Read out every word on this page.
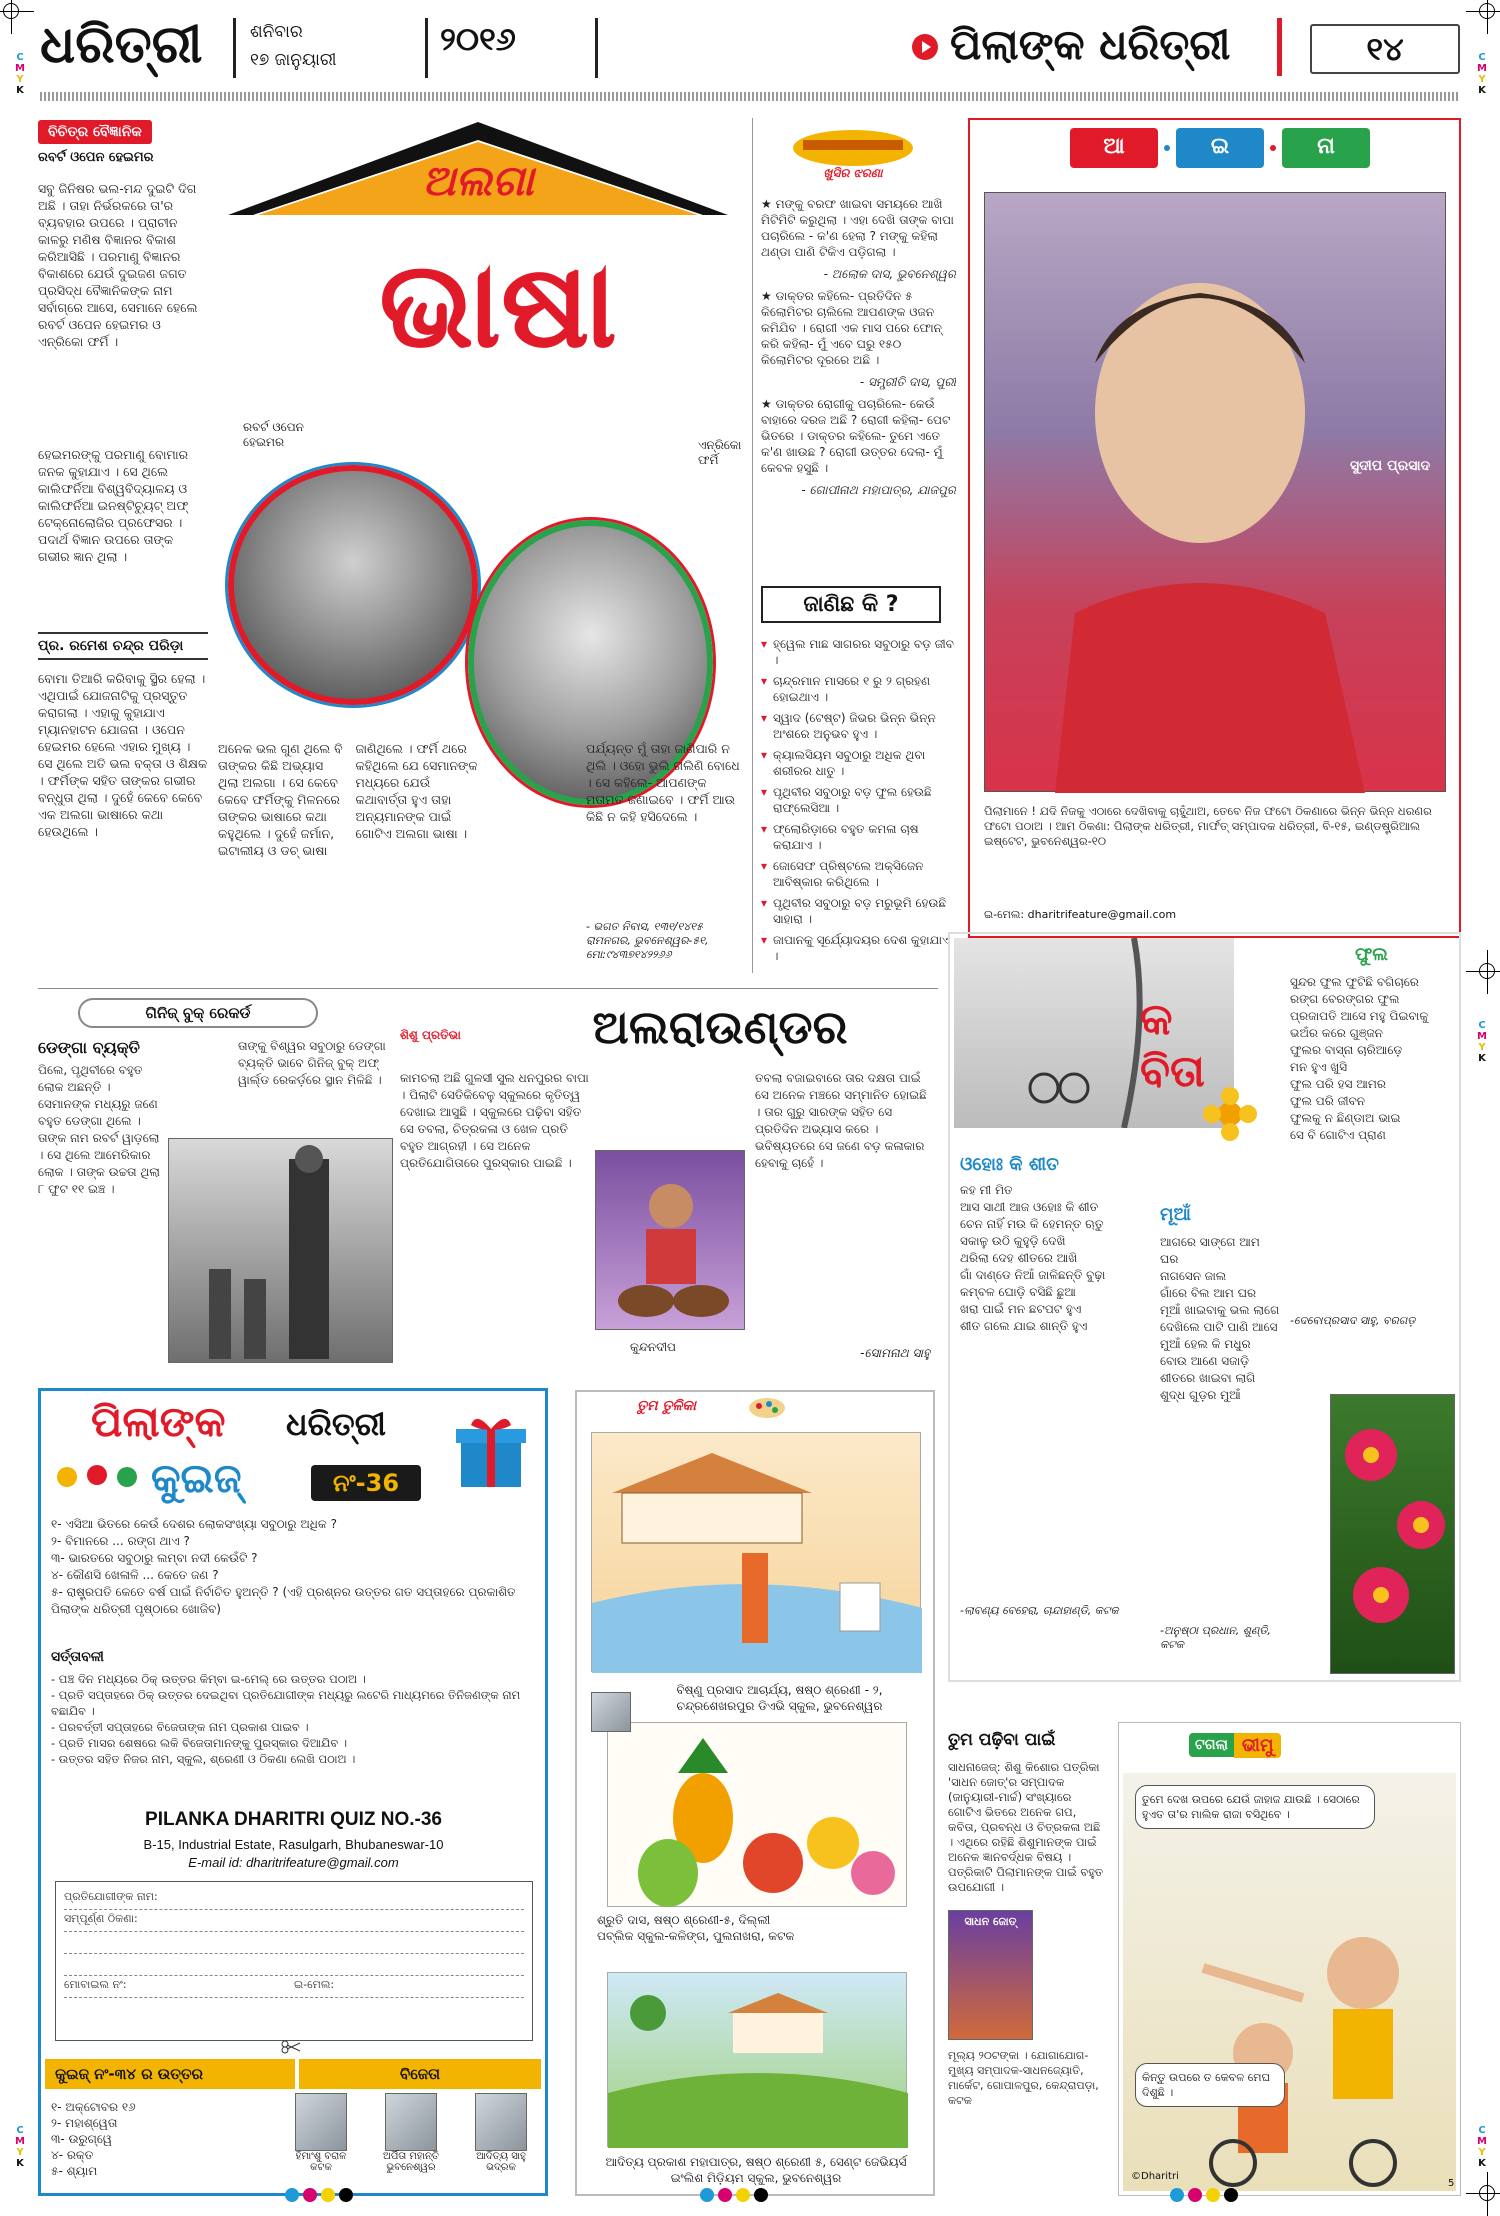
ଧରିତ୍ରୀ	ଶନିବାର
୧୭ ଜାନୁୟାରୀ
୨୦୧୬	ପିଲାଙ୍କ ଧରିତ୍ରୀ	୧୪
C
M
Y
K
C
M
Y
K
C
M
Y
K
C
M
Y
K
C
M
Y
K
ବିଚିତ୍ର ବୈଜ୍ଞାନିକ
ରବର୍ଟ ଓପେନ ହେଇମର
ସବୁ ଜିନିଷର ଭଲ-ମନ୍ଦ ଦୁଇଟି ଦିଗ ଅଛି । ତାହା ନିର୍ଭରକରେ ତା'ର ବ୍ୟବହାର ଉପରେ । ପ୍ରାଚୀନ କାଳରୁ ମଣିଷ ବିଜ୍ଞାନର ବିକାଶ କରିଆସିଛି । ପରମାଣୁ ବିଜ୍ଞାନର ବିକାଶରେ ଯେଉଁ ଦୁଇଜଣ ଜଗତ ପ୍ରସିଦ୍ଧ ବୈଜ୍ଞାନିକଙ୍କ ନାମ ସର୍ବାଗ୍ରେ ଆସେ, ସେମାନେ ହେଲେ ରବର୍ଟ ଓପେନ ହେଇମର ଓ ଏନ୍ରିକୋ ଫର୍ମି ।
ହେଇମରଙ୍କୁ ପରମାଣୁ ବୋମାର ଜନକ କୁହାଯାଏ । ସେ ଥିଲେ କାଲିଫର୍ନିଆ ବିଶ୍ୱବିଦ୍ୟାଳୟ ଓ କାଲିଫର୍ନିଆ ଇନଷ୍ଟିଚ୍ୟୁଟ୍ ଅଫ୍ ଟେକ୍ନୋଲୋଜିର ପ୍ରଫେସର । ପଦାର୍ଥ ବିଜ୍ଞାନ ଉପରେ ତାଙ୍କ ଗଭୀର ଜ୍ଞାନ ଥିଲା ।
ପ୍ର. ରମେଶ ଚନ୍ଦ୍ର ପରିଡ଼ା
ବୋମା ତିଆରି କରିବାକୁ ସ୍ଥିର ହେଲା । ଏଥିପାଇଁ ଯୋଜନାଟିକୁ ପ୍ରସ୍ତୁତ କରାଗଲା । ଏହାକୁ କୁହାଯାଏ ମ୍ୟାନହାଟନ ଯୋଜନା । ଓପେନ ହେଇମର ହେଲେ ଏହାର ମୁଖ୍ୟ । ସେ ଥିଲେ ଅତି ଭଲ ବକ୍ତା ଓ ଶିକ୍ଷକ । ଫର୍ମିଙ୍କ ସହିତ ତାଙ୍କର ଗଭୀର ବନ୍ଧୁତା ଥିଲା । ଦୁହେଁ କେବେ କେବେ ଏକ ଅଲଗା ଭାଷାରେ କଥା ହେଉଥିଲେ ।
ଅଲଗା
ଭାଷା
ରବର୍ଟ ଓପେନ ହେଇମର	ଏନ୍ରିକୋ ଫର୍ମି
ଅନେକ ଭଲ ଗୁଣ ଥିଲେ ବି ତାଙ୍କର କିଛି ଅଭ୍ୟାସ ଥିଲା ଅଲଗା । ସେ କେବେ କେବେ ଫର୍ମିଙ୍କୁ ମିଳନରେ ତାଙ୍କର ଭାଷାରେ କଥା କହୁଥିଲେ । ଦୁହେଁ ଜର୍ମାନ, ଇଟାଲୀୟ ଓ ଡଚ୍ ଭାଷା ଜାଣିଥିଲେ । ଫର୍ମି ଥରେ କହିଥିଲେ ଯେ ସେମାନଙ୍କ ମଧ୍ୟରେ ଯେଉଁ କଥାବାର୍ତ୍ତା ହୁଏ ତାହା ଅନ୍ୟମାନଙ୍କ ପାଇଁ ଗୋଟିଏ ଅଲଗା ଭାଷା ।
ପର୍ଯ୍ୟନ୍ତ ମୁଁ ତାହା ଜାଣିପାରି ନ ଥିଲି । ଓହୋ ଭୁଲି ଗଲିଣି ବୋଧେ । ସେ କହିଲେ- ଆପଣଙ୍କ ମତାମତ ଜଣାଇବେ । ଫର୍ମି ଆଉ କିଛି ନ କହି ହସିଦେଲେ ।
- ଭଗତ ନିବାସ, ୧୩୧/୧୪୧୫ ରାମନଗର, ଭୁବନେଶ୍ୱର-୫୧, ମୋ:୯୪୩୭୧୪୨୨୬୬
ଖୁସିର ଝରଣା

★ ମଙ୍କୁ ବରଫ ଖାଇବା ସମୟରେ ଆଖି ମିଟିମିଟି କରୁଥିଲା । ଏହା ଦେଖି ତାଙ୍କ ବାପା ପଚାରିଲେ - କ'ଣ ହେଲା ? ମଙ୍କୁ କହିଲା ଥଣ୍ଡା ପାଣି ଟିକିଏ ପଡ଼ିଗଲା ।

- ଅଲୋକ ଦାସ, ଭୁବନେଶ୍ୱର

★ ଡାକ୍ତର କହିଲେ- ପ୍ରତିଦିନ ୫ କିଲୋମିଟର ଚାଲିଲେ ଆପଣଙ୍କ ଓଜନ କମିଯିବ । ରୋଗୀ ଏକ ମାସ ପରେ ଫୋନ୍ କରି କହିଲା- ମୁଁ ଏବେ ଘରୁ ୧୫୦ କିଲୋମିଟର ଦୂରରେ ଅଛି ।

- ସମ୍ପ୍ରୀତି ଦାସ, ପୁରୀ

★ ଡାକ୍ତର ରୋଗୀକୁ ପଚାରିଲେ- କେଉଁ ବାହାରେ ଦରଜ ଅଛି ? ରୋଗୀ କହିଲା- ପେଟ ଭିତରେ । ଡାକ୍ତର କହିଲେ- ତୁମେ ଏତେ କ'ଣ ଖାଉଛ ? ରୋଗୀ ଉତ୍ତର ଦେଲା- ମୁଁ କେବଳ ହସୁଛି ।

- ଗୋପୀନାଥ ମହାପାତ୍ର, ଯାଜପୁର

ଜାଣିଛ କି ?
▾ ହ୍ୱେଲ ମାଛ ସାଗରର ସବୁଠାରୁ ବଡ଼ ଜୀବ ।
▾ ଚାନ୍ଦ୍ରମାନ ମାସରେ ୧ ରୁ ୨ ଗ୍ରହଣ ହୋଇଥାଏ ।
▾ ସ୍ୱାଦ (ଟେଷ୍ଟ) ଜିଭର ଭିନ୍ନ ଭିନ୍ନ ଅଂଶରେ ଅନୁଭବ ହୁଏ ।
▾ କ୍ୟାଲସିୟମ ସବୁଠାରୁ ଅଧିକ ଥିବା ଶରୀରର ଧାତୁ ।
▾ ପୃଥିବୀର ସବୁଠାରୁ ବଡ଼ ଫୁଲ ହେଉଛି ରାଫ୍ଲେସିଆ ।
▾ ଫ୍ଲୋରିଡ଼ାରେ ବହୁତ କମଳା ଚାଷ କରାଯାଏ ।
▾ ଜୋସେଫ ପ୍ରିଷ୍ଟଲେ ଅକ୍ସିଜେନ ଆବିଷ୍କାର କରିଥିଲେ ।
▾ ପୃଥିବୀର ସବୁଠାରୁ ବଡ଼ ମରୁଭୂମି ହେଉଛି ସାହାରା ।
▾ ଜାପାନକୁ ସୂର୍ଯ୍ୟୋଦୟର ଦେଶ କୁହାଯାଏ ।
ଆ	ଇ	ନା
ସୁଦୀପ ପ୍ରସାଦ
ପିଲାମାନେ ! ଯଦି ନିଜକୁ ଏଠାରେ ଦେଖିବାକୁ ଚାହୁଁଥାଅ, ତେବେ ନିଜ ଫଟୋ ଠିକଣାରେ ଭିନ୍ନ ଭିନ୍ନ ଧରଣର ଫଟୋ ପଠାଅ । ଆମ ଠିକଣା: ପିଲାଙ୍କ ଧରିତ୍ରୀ, ମାର୍ଫତ୍ ସମ୍ପାଦକ ଧରିତ୍ରୀ, ବି-୧୫, ଇଣ୍ଡଷ୍ଟ୍ରିଆଲ ଇଷ୍ଟେଟ, ଭୁବନେଶ୍ୱର-୧୦
ଇ-ମେଲ: dharitrifeature@gmail.com
ଗିନିଜ୍ ବୁକ୍ ରେକର୍ଡ
ଡେଙ୍ଗା ବ୍ୟକ୍ତି
ପିଲେ, ପୃଥିବୀରେ ବହୁତ ଲୋକ ଅଛନ୍ତି । ସେମାନଙ୍କ ମଧ୍ୟରୁ ଜଣେ ବହୁତ ଡେଙ୍ଗା ଥିଲେ । ତାଙ୍କ ନାମ ରବର୍ଟ ୱାଡ଼ଲୋ । ସେ ଥିଲେ ଆମେରିକାର ଲୋକ । ତାଙ୍କ ଉଚ୍ଚତା ଥିଲା ୮ ଫୁଟ ୧୧ ଇଞ୍ଚ ।
ତାଙ୍କୁ ବିଶ୍ୱର ସବୁଠାରୁ ଡେଙ୍ଗା ବ୍ୟକ୍ତି ଭାବେ ଗିନିଜ୍ ବୁକ୍ ଅଫ୍ ୱାର୍ଲ୍ଡ ରେକର୍ଡ଼ରେ ସ୍ଥାନ ମିଳିଛି ।
ଶିଶୁ ପ୍ରତିଭା	ଅଲରାଉଣ୍ଡର
କାମଚଲା ଅଛି ଗୁଳସୀ ସୁଲ ଧନପୁରର ବାପା । ପିଲାଟି ସେତିକିବେଳୁ ସ୍କୁଲରେ କୃତିତ୍ୱ ଦେଖାଇ ଆସୁଛି । ସ୍କୁଲରେ ପଢ଼ିବା ସହିତ ସେ ତବଲା, ଚିତ୍ରକଳା ଓ ଖେଳ ପ୍ରତି ବହୁତ ଆଗ୍ରହୀ । ସେ ଅନେକ ପ୍ରତିଯୋଗିତାରେ ପୁରସ୍କାର ପାଇଛି ।
କୁନ୍ଦନଦୀପ
ତବଲା ବଜାଇବାରେ ତାର ଦକ୍ଷତା ପାଇଁ ସେ ଅନେକ ମଞ୍ଚରେ ସମ୍ମାନିତ ହୋଇଛି । ତାର ଗୁରୁ ସାରଙ୍କ ସହିତ ସେ ପ୍ରତିଦିନ ଅଭ୍ୟାସ କରେ । ଭବିଷ୍ୟତରେ ସେ ଜଣେ ବଡ଼ କଳାକାର ହେବାକୁ ଚାହେଁ ।
-ସୋମନାଥ ସାହୁ
କବିତା
ଓହୋଃ କି ଶୀତ
କହ ମୀ ମିତ
ଆସ ସାଥୀ ଆଜ ଓହୋଃ କି ଶୀତ
ଚେନ ନାହିଁ ମଉ କି ହେମନ୍ତ ଋତୁ
ସକାଳୁ ଉଠି କୁହୁଡ଼ି ଦେଖି
ଥରିଲା ଦେହ ଶୀତରେ ଆଖି
ଗାଁ ଦାଣ୍ଡେ ନିଆଁ ଜାଳିଛନ୍ତି ବୁଢ଼ା
କମ୍ବଳ ଘୋଡ଼ି ବସିଛି ଛୁଆ
ଖରା ପାଇଁ ମନ ଛଟପଟ ହୁଏ
ଶୀତ ଗଲେ ଯାଇ ଶାନ୍ତି ହୁଏ
-ଲାବଣ୍ୟ ବେହେରା, ଚାନ୍ଦାହାଣ୍ଡି, କଟକ
ମୂଆଁ
ଆଗରେ ସାଙ୍ଗେ ଆମ ଘର
ନାଗସେନ ଜାଲ
ଗାଁରେ ବିଲ ଆମ ଘର
ମୂଆଁ ଖାଇବାକୁ ଭଲ ଲାଗେ
ଦେଖିଲେ ପାଟି ପାଣି ଆସେ
ମୁଆଁ ହେଲ କି ମଧୁର
ବୋଉ ଆଣେ ସଜାଡ଼ି
ଶୀତରେ ଖାଇବା ଲାଗି
ଶୁଦ୍ଧ ଗୁଡ଼ର ମୁଆଁ
-ଅନୁଷ୍ଠା ପ୍ରଧାନ, ଶୁଣ୍ଡି, କଟକ
ଫୁଲ
ସୁନ୍ଦର ଫୁଲ ଫୁଟିଛି ବଗିଚାରେ
ରଙ୍ଗ ବେରଙ୍ଗର ଫୁଲ
ପ୍ରଜାପତି ଆସେ ମହୁ ପିଇବାକୁ
ଭଅଁର କରେ ଗୁଞ୍ଜନ
ଫୁଲର ବାସ୍ନା ଚାରିଆଡ଼େ
ମନ ହୁଏ ଖୁସି
ଫୁଲ ପରି ହସ ଆମର
ଫୁଲ ପରି ଜୀବନ
ଫୁଲକୁ ନ ଛିଣ୍ଡାଅ ଭାଇ
ସେ ବି ଗୋଟିଏ ପ୍ରାଣ
-ଦେବୋପ୍ରସାଦ ସାହୁ, ବରଗଡ଼
ପିଲାଙ୍କ	ଧରିତ୍ରୀ
କୁଇଜ୍	ନଂ-36
୧- ଏସିଆ ଭିତରେ କେଉଁ ଦେଶର ଲୋକସଂଖ୍ୟା ସବୁଠାରୁ ଅଧିକ ?
୨- ବିମାନରେ ... ରଙ୍ଗ ଥାଏ ?
୩- ଭାରତରେ ସବୁଠାରୁ ଲମ୍ବା ନଦୀ କେଉଁଟି ?
୪- କୌଣସି ଖେଳାଳି ... କେତେ ଜଣ ?
୫- ରାଷ୍ଟ୍ରପତି କେତେ ବର୍ଷ ପାଇଁ ନିର୍ବାଚିତ ହୁଅନ୍ତି ? (ଏହି ପ୍ରଶ୍ନର ଉତ୍ତର ଗତ ସପ୍ତାହରେ ପ୍ରକାଶିତ ପିଲାଙ୍କ ଧରିତ୍ରୀ ପୃଷ୍ଠାରେ ଖୋଜିବ)
ସର୍ତ୍ତାବଳୀ
- ପଞ୍ଚ ଦିନ ମଧ୍ୟରେ ଠିକ୍ ଉତ୍ତର କିମ୍ବା ଇ-ମେଲ୍ ରେ ଉତ୍ତର ପଠାଅ ।
- ପ୍ରତି ସପ୍ତାହରେ ଠିକ୍ ଉତ୍ତର ଦେଇଥିବା ପ୍ରତିଯୋଗୀଙ୍କ ମଧ୍ୟରୁ ଲଟେରି ମାଧ୍ୟମରେ ତିନିଜଣଙ୍କ ନାମ ବଛାଯିବ ।
- ପରବର୍ତ୍ତୀ ସପ୍ତାହରେ ବିଜେତାଙ୍କ ନାମ ପ୍ରକାଶ ପାଇବ ।
- ପ୍ରତି ମାସର ଶେଷରେ ଲକି ବିଜେତାମାନଙ୍କୁ ପୁରସ୍କାର ଦିଆଯିବ ।
- ଉତ୍ତର ସହିତ ନିଜର ନାମ, ସ୍କୁଲ, ଶ୍ରେଣୀ ଓ ଠିକଣା ଲେଖି ପଠାଅ ।
PILANKA DHARITRI QUIZ NO.-36
B-15, Industrial Estate, Rasulgarh, Bhubaneswar-10
E-mail id: dharitrifeature@gmail.com
ପ୍ରତିଯୋଗୀଙ୍କ ନାମ:
ସମ୍ପୂର୍ଣ୍ଣ ଠିକଣା:
ମୋବାଇଲ ନଂ:	ଇ-ମେଲ:
କୁଇଜ୍ ନଂ-୩୪ ର ଉତ୍ତର	ବିଜେତା
୧- ଅକ୍ଟୋବର ୧୬
୨- ମହାଶ୍ୱେତା
୩- ଉରୁଗ୍ୱେ
୪- ରକ୍ତ
୫- ଶ୍ୟାମ
ହିମାଂଶୁ ବରାଳ
କଟକ
ଅର୍ପିତା ମହାନ୍ତି
ଭୁବନେଶ୍ୱର
ଆଦିତ୍ୟ ସାହୁ
ଭଦ୍ରକ
ତୁମ ତୁଳିକା
ବିଷ୍ଣୁ ପ୍ରସାଦ ଆଚାର୍ଯ୍ୟ, ଷଷ୍ଠ ଶ୍ରେଣୀ - ୨, ଚନ୍ଦ୍ରଶେଖରପୁର ଡିଏଭି ସ୍କୁଲ, ଭୁବନେଶ୍ୱର
ଶ୍ରୁତି ଦାସ, ଷଷ୍ଠ ଶ୍ରେଣୀ-୫, ଦିଲ୍ଲୀ ପବ୍ଲିକ ସ୍କୁଲ-କଳିଙ୍ଗ, ପୁଲନାଖରା, କଟକ
ଆଦିତ୍ୟ ପ୍ରକାଶ ମହାପାତ୍ର, ଷଷ୍ଠ ଶ୍ରେଣୀ ୫, ସେଣ୍ଟ ଜେଭିୟର୍ସ ଇଂଲିଶ ମିଡ଼ିୟମ ସ୍କୁଲ, ଭୁବନେଶ୍ୱର
ତୁମ ପଢ଼ିବା ପାଇଁ
ସାଧନାଜେଜ୍: ଶିଶୁ କିଶୋର ପତ୍ରିକା 'ସାଧନ ଜୋତ୍'ର ସମ୍ପାଦକ (ଜାନୁୟାରୀ-ମାର୍ଚ୍ଚ) ସଂଖ୍ୟାରେ ଗୋଟିଏ ଭିତରେ ଅନେକ ଗପ, କବିତା, ପ୍ରବନ୍ଧ ଓ ଚିତ୍ରକଳା ଅଛି । ଏଥିରେ ରହିଛି ଶିଶୁମାନଙ୍କ ପାଇଁ ଅନେକ ଜ୍ଞାନବର୍ଦ୍ଧକ ବିଷୟ । ପତ୍ରିକାଟି ପିଲାମାନଙ୍କ ପାଇଁ ବହୁତ ଉପଯୋଗୀ ।
ସାଧନ ଜୋତ୍
ମୂଲ୍ୟ ୨୦ଟଙ୍କା । ଯୋଗାଯୋଗ- ମୁଖ୍ୟ ସମ୍ପାଦକ-ସାଧନଜ୍ୟୋତି, ମାର୍କେଟ, ଗୋପାଳପୁର, କେନ୍ଦ୍ରାପଡ଼ା, କଟକ
ଟଗଲା ଭୀମୁ
ତୁମେ ଦେଖ ଉପରେ ଯେଉଁ ଜାହାଜ ଯାଉଛି । ସେଠାରେ ହୁଏତ ତା'ର ମାଲିକ ରାଜା ବସିଥିବେ ।
କିନ୍ତୁ ଉପରେ ତ କେବଳ ମେଘ ଦିଶୁଛି ।
©Dharitri
5
